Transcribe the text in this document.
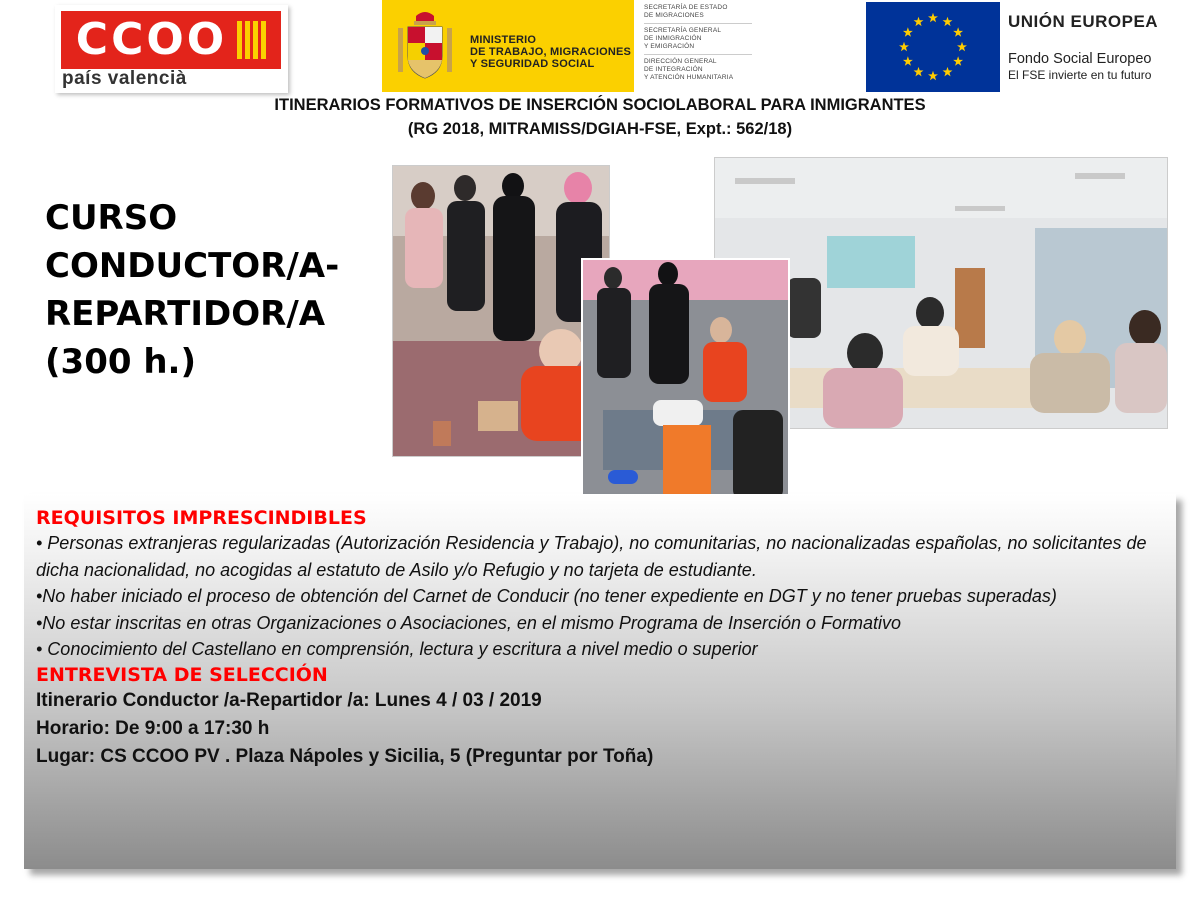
CCOO
país valencià
MINISTERIO
DE TRABAJO, MIGRACIONES
Y SEGURIDAD SOCIAL
SECRETARÍA DE ESTADO
DE MIGRACIONES
SECRETARÍA GENERAL
DE INMIGRACIÓN
Y EMIGRACIÓN
DIRECCIÓN GENERAL
DE INTEGRACIÓN
Y ATENCIÓN HUMANITARIA
UNIÓN EUROPEA
Fondo Social Europeo
El FSE invierte en tu futuro
ITINERARIOS FORMATIVOS DE INSERCIÓN SOCIOLABORAL PARA INMIGRANTES
(RG 2018, MITRAMISS/DGIAH-FSE, Expt.: 562/18)
CURSO
CONDUCTOR/A-
REPARTIDOR/A
(300 h.)
REQUISITOS IMPRESCINDIBLES
• Personas extranjeras regularizadas (Autorización Residencia y Trabajo), no comunitarias, no nacionalizadas españolas, no solicitantes de dicha nacionalidad, no acogidas al estatuto de Asilo y/o Refugio y no tarjeta de estudiante.
•No haber iniciado el proceso de obtención del Carnet de Conducir (no tener expediente en DGT y no tener pruebas superadas)
•No estar inscritas en otras Organizaciones o Asociaciones, en el mismo Programa de Inserción o Formativo
• Conocimiento del Castellano en comprensión, lectura y escritura a nivel medio o superior
ENTREVISTA DE SELECCIÓN
Itinerario Conductor /a-Repartidor /a: Lunes 4 / 03 / 2019
Horario: De 9:00 a 17:30 h
Lugar: CS CCOO PV . Plaza Nápoles y Sicilia, 5 (Preguntar por Toña)
